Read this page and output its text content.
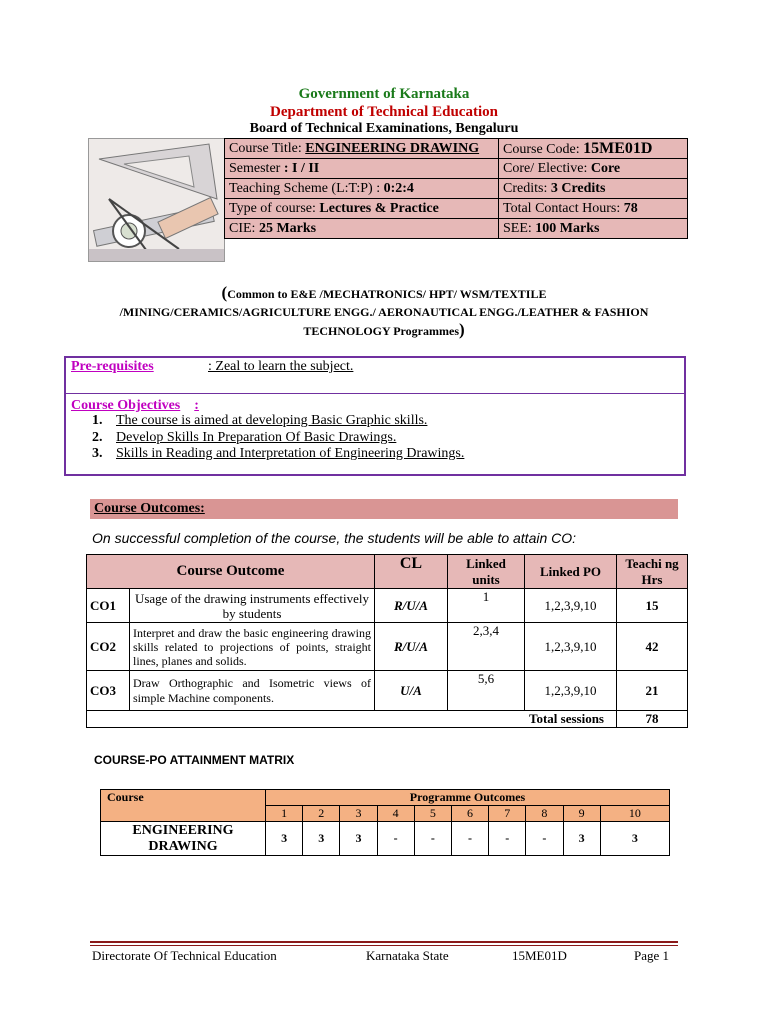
Government of Karnataka
Department of Technical Education
Board of Technical Examinations, Bengaluru
Course Title: ENGINEERING DRAWING	Course Code: 15ME01D
Semester : I / II	Core/ Elective: Core
Teaching Scheme (L:T:P) : 0:2:4	Credits: 3 Credits
Type of course: Lectures & Practice	Total Contact Hours: 78
CIE: 25 Marks	SEE: 100 Marks
(Common to E&E /MECHATRONICS/ HPT/ WSM/TEXTILE
/MINING/CERAMICS/AGRICULTURE ENGG./ AERONAUTICAL ENGG./LEATHER & FASHION
TECHNOLOGY Programmes)
Pre-requisites	: Zeal to learn the subject.
Course Objectives :
1. The course is aimed at developing Basic Graphic skills.
2. Develop Skills In Preparation Of Basic Drawings.
3. Skills in Reading and Interpretation of Engineering Drawings.
Course Outcomes:
On successful completion of the course, the students will be able to attain CO:
Course Outcome		CL	Linked units	Linked PO	Teachi ng Hrs
CO1	Usage of the drawing instruments effectively by students	R/U/A	1	1,2,3,9,10	15
CO2	Interpret and draw the basic engineering drawing skills related to projections of points, straight lines, planes and solids.	R/U/A	2,3,4	1,2,3,9,10	42
CO3	Draw Orthographic and Isometric views of simple Machine components.	U/A	5,6	1,2,3,9,10	21
Total sessions					78
COURSE-PO ATTAINMENT MATRIX
Course	Programme Outcomes									
	1	2	3	4	5	6	7	8	9	10
ENGINEERING DRAWING	3	3	3	-	-	-	-	-	3	3
Directorate Of Technical Education	Karnataka State	15ME01D	Page 1
